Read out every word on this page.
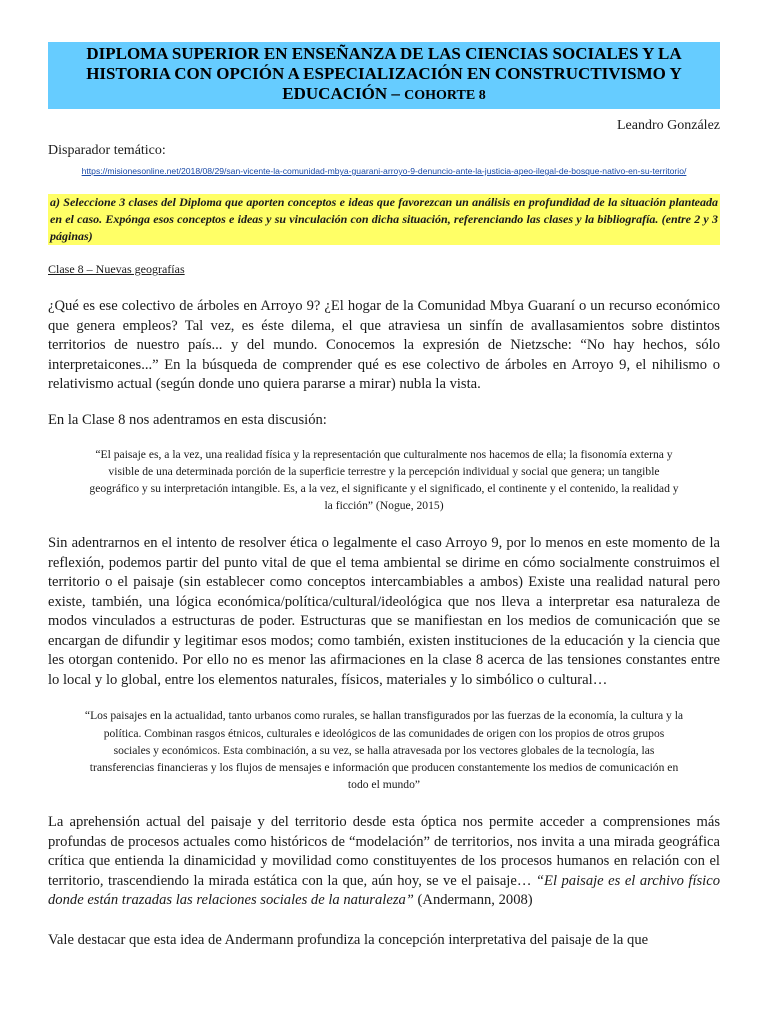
DIPLOMA SUPERIOR EN ENSEÑANZA DE LAS CIENCIAS SOCIALES Y LA HISTORIA CON OPCIÓN A ESPECIALIZACIÓN EN CONSTRUCTIVISMO Y EDUCACIÓN – COHORTE 8
Leandro González
Disparador temático:
https://misionesonline.net/2018/08/29/san-vicente-la-comunidad-mbya-guarani-arroyo-9-denuncio-ante-la-justicia-apeo-ilegal-de-bosque-nativo-en-su-territorio/
a) Seleccione 3 clases del Diploma que aporten conceptos e ideas que favorezcan un análisis en profundidad de la situación planteada en el caso. Expónga esos conceptos e ideas y su vinculación con dicha situación, referenciando las clases y la bibliografía. (entre 2 y 3 páginas)
Clase 8 – Nuevas geografías

¿Qué es ese colectivo de árboles en Arroyo 9? ¿El hogar de la Comunidad Mbya Guaraní o un recurso económico que genera empleos? Tal vez, es éste dilema, el que atraviesa un sinfín de avallasamientos sobre distintos territorios de nuestro país... y del mundo. Conocemos la expresión de Nietzsche: “No hay hechos, sólo interpretaicones...” En la búsqueda de comprender qué es ese colectivo de árboles en Arroyo 9, el nihilismo o relativismo actual (según donde uno quiera pararse a mirar) nubla la vista.

En la Clase 8 nos adentramos en esta discusión:

“El paisaje es, a la vez, una realidad física y la representación que culturalmente nos hacemos de ella; la fisonomía externa y visible de una determinada porción de la superficie terrestre y la percepción individual y social que genera; un tangible geográfico y su interpretación intangible. Es, a la vez, el significante y el significado, el continente y el contenido, la realidad y la ficción” (Nogue, 2015)

Sin adentrarnos en el intento de resolver ética o legalmente el caso Arroyo 9, por lo menos en este momento de la reflexión, podemos partir del punto vital de que el tema ambiental se dirime en cómo socialmente construimos el territorio o el paisaje (sin establecer como conceptos intercambiables a ambos) Existe una realidad natural pero existe, también, una lógica económica/política/cultural/ideológica que nos lleva a interpretar esa naturaleza de modos vinculados a estructuras de poder. Estructuras que se manifiestan en los medios de comunicación que se encargan de difundir y legitimar esos modos; como también, existen instituciones de la educación y la ciencia que les otorgan contenido. Por ello no es menor las afirmaciones en la clase 8 acerca de las tensiones constantes entre lo local y lo global, entre los elementos naturales, físicos, materiales y lo simbólico o cultural…

“Los paisajes en la actualidad, tanto urbanos como rurales, se hallan transfigurados por las fuerzas de la economía, la cultura y la política. Combinan rasgos étnicos, culturales e ideológicos de las comunidades de origen con los propios de otros grupos sociales y económicos. Esta combinación, a su vez, se halla atravesada por los vectores globales de la tecnología, las transferencias financieras y los flujos de mensajes e información que producen constantemente los medios de comunicación en todo el mundo”

La aprehensión actual del paisaje y del territorio desde esta óptica nos permite acceder a comprensiones más profundas de procesos actuales como históricos de “modelación” de territorios, nos invita a una mirada geográfica crítica que entienda la dinamicidad y movilidad como constituyentes de los procesos humanos en relación con el territorio, trascendiendo la mirada estática con la que, aún hoy, se ve el paisaje… “El paisaje es el archivo físico donde están trazadas las relaciones sociales de la naturaleza” (Andermann, 2008)

Vale destacar que esta idea de Andermann profundiza la concepción interpretativa del paisaje de la que
